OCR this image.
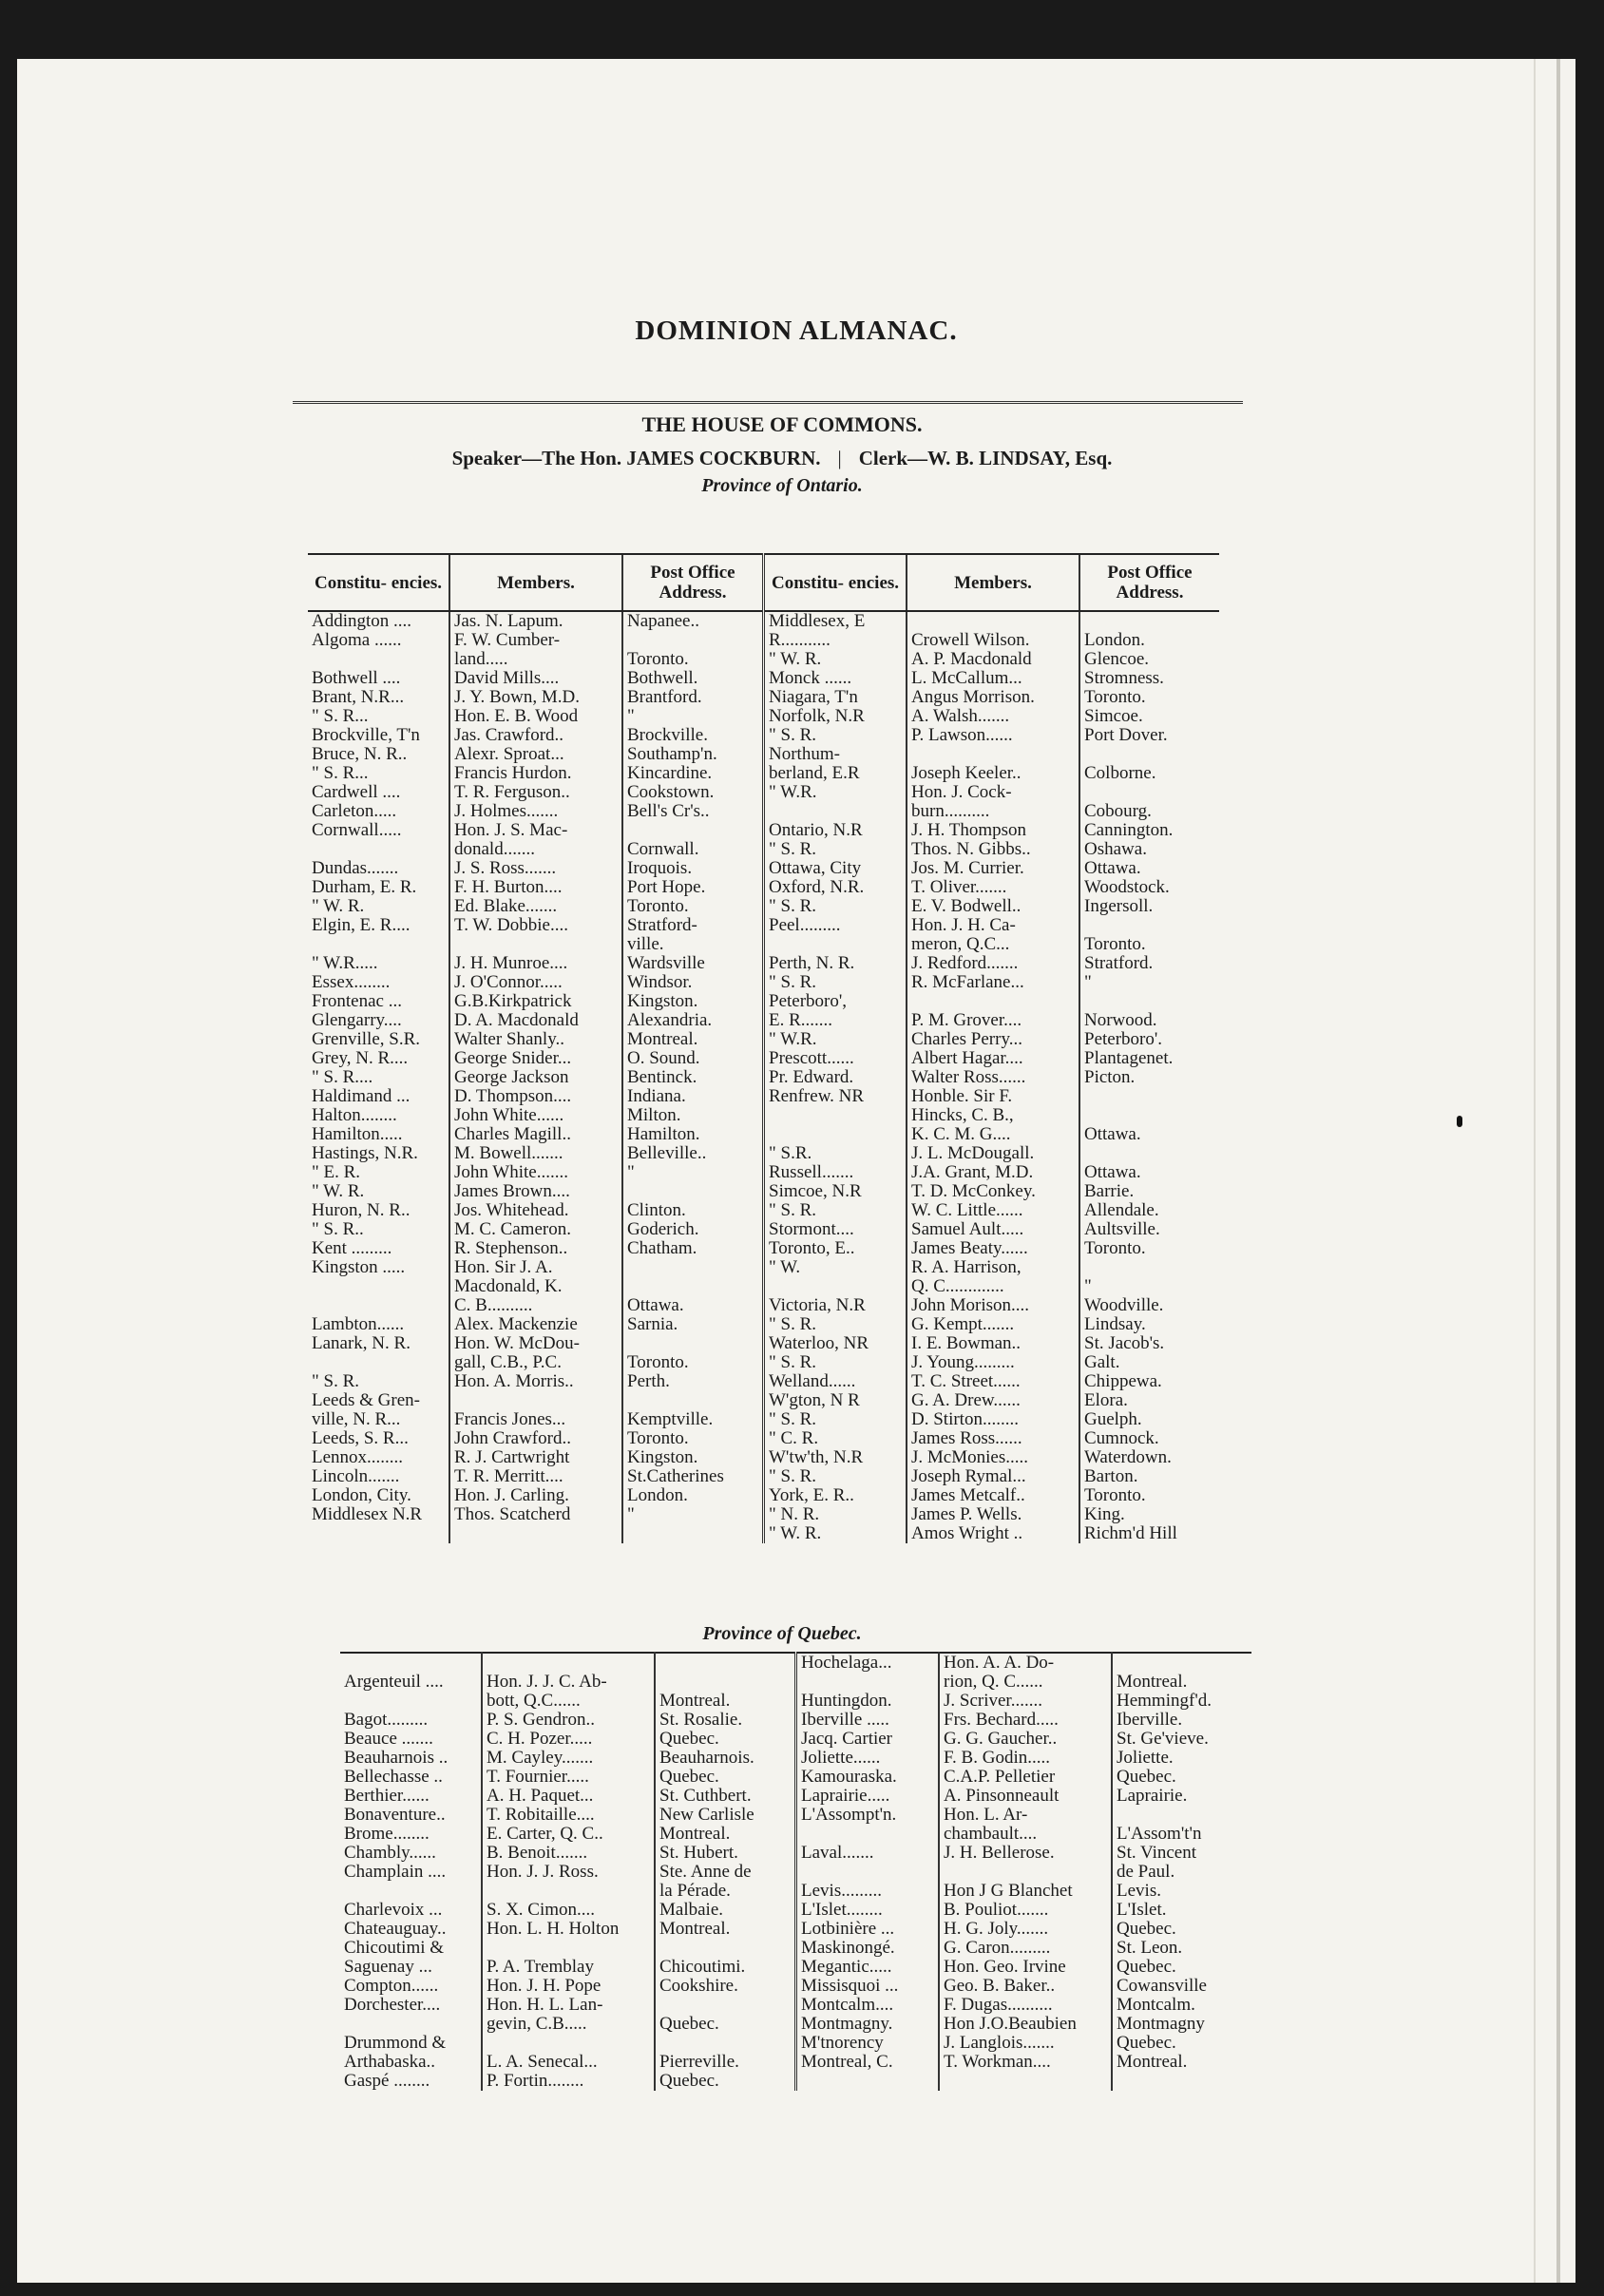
DOMINION ALMANAC.
THE HOUSE OF COMMONS.
Speaker—The Hon. JAMES COCKBURN. | Clerk—W. B. LINDSAY, Esq.
Province of Ontario.
Constitu- encies.	Members.	Post Office Address.	Constitu- encies.	Members.	Post Office Address.
Addington ....	Jas. N. Lapum.	Napanee..	Middlesex, E		
Algoma ......	F. W. Cumber-		R...........	Crowell Wilson.	London.
	land.....	Toronto.	" W. R.	A. P. Macdonald	Glencoe.
Bothwell ....	David Mills....	Bothwell.	Monck ......	L. McCallum...	Stromness.
Brant, N.R...	J. Y. Bown, M.D.	Brantford.	Niagara, T'n	Angus Morrison.	Toronto.
" S. R...	Hon. E. B. Wood	"	Norfolk, N.R	A. Walsh.......	Simcoe.
Brockville, T'n	Jas. Crawford..	Brockville.	" S. R.	P. Lawson......	Port Dover.
Bruce, N. R..	Alexr. Sproat...	Southamp'n.	Northum-		
" S. R...	Francis Hurdon.	Kincardine.	berland, E.R	Joseph Keeler..	Colborne.
Cardwell ....	T. R. Ferguson..	Cookstown.	" W.R.	Hon. J. Cock-	
Carleton.....	J. Holmes.......	Bell's Cr's..		burn..........	Cobourg.
Cornwall.....	Hon. J. S. Mac-		Ontario, N.R	J. H. Thompson	Cannington.
	donald.......	Cornwall.	" S. R.	Thos. N. Gibbs..	Oshawa.
Dundas.......	J. S. Ross.......	Iroquois.	Ottawa, City	Jos. M. Currier.	Ottawa.
Durham, E. R.	F. H. Burton....	Port Hope.	Oxford, N.R.	T. Oliver.......	Woodstock.
" W. R.	Ed. Blake.......	Toronto.	" S. R.	E. V. Bodwell..	Ingersoll.
Elgin, E. R....	T. W. Dobbie....	Stratford-	Peel.........	Hon. J. H. Ca-	
		ville.		meron, Q.C...	Toronto.
" W.R.....	J. H. Munroe....	Wardsville	Perth, N. R.	J. Redford.......	Stratford.
Essex........	J. O'Connor.....	Windsor.	" S. R.	R. McFarlane...	"
Frontenac ...	G.B.Kirkpatrick	Kingston.	Peterboro',		
Glengarry....	D. A. Macdonald	Alexandria.	E. R.......	P. M. Grover....	Norwood.
Grenville, S.R.	Walter Shanly..	Montreal.	" W.R.	Charles Perry...	Peterboro'.
Grey, N. R....	George Snider...	O. Sound.	Prescott......	Albert Hagar....	Plantagenet.
" S. R....	George Jackson	Bentinck.	Pr. Edward.	Walter Ross......	Picton.
Haldimand ...	D. Thompson....	Indiana.	Renfrew. NR	Honble. Sir F.	
Halton........	John White......	Milton.		Hincks, C. B.,	
Hamilton.....	Charles Magill..	Hamilton.		K. C. M. G....	Ottawa.
Hastings, N.R.	M. Bowell.......	Belleville..	" S.R.	J. L. McDougall.	
" E. R.	John White.......	"	Russell.......	J.A. Grant, M.D.	Ottawa.
" W. R.	James Brown....		Simcoe, N.R	T. D. McConkey.	Barrie.
Huron, N. R..	Jos. Whitehead.	Clinton.	" S. R.	W. C. Little......	Allendale.
" S. R..	M. C. Cameron.	Goderich.	Stormont....	Samuel Ault.....	Aultsville.
Kent .........	R. Stephenson..	Chatham.	Toronto, E..	James Beaty......	Toronto.
Kingston .....	Hon. Sir J. A.		" W.	R. A. Harrison,	
	Macdonald, K.			Q. C.............	"
	C. B..........	Ottawa.	Victoria, N.R	John Morison....	Woodville.
Lambton......	Alex. Mackenzie	Sarnia.	" S. R.	G. Kempt.......	Lindsay.
Lanark, N. R.	Hon. W. McDou-		Waterloo, NR	I. E. Bowman..	St. Jacob's.
	gall, C.B., P.C.	Toronto.	" S. R.	J. Young.........	Galt.
" S. R.	Hon. A. Morris..	Perth.	Welland......	T. C. Street......	Chippewa.
Leeds & Gren-			W'gton, N R	G. A. Drew......	Elora.
ville, N. R...	Francis Jones...	Kemptville.	" S. R.	D. Stirton........	Guelph.
Leeds, S. R...	John Crawford..	Toronto.	" C. R.	James Ross......	Cumnock.
Lennox........	R. J. Cartwright	Kingston.	W'tw'th, N.R	J. McMonies.....	Waterdown.
Lincoln.......	T. R. Merritt....	St.Catherines	" S. R.	Joseph Rymal...	Barton.
London, City.	Hon. J. Carling.	London.	York, E. R..	James Metcalf..	Toronto.
Middlesex N.R	Thos. Scatcherd	"	" N. R.	James P. Wells.	King.
			" W. R.	Amos Wright ..	Richm'd Hill
Province of Quebec.
			Hochelaga...	Hon. A. A. Do-	
Argenteuil ....	Hon. J. J. C. Ab-			rion, Q. C......	Montreal.
	bott, Q.C......	Montreal.	Huntingdon.	J. Scriver.......	Hemmingf'd.
Bagot.........	P. S. Gendron..	St. Rosalie.	Iberville .....	Frs. Bechard.....	Iberville.
Beauce .......	C. H. Pozer.....	Quebec.	Jacq. Cartier	G. G. Gaucher..	St. Ge'vieve.
Beauharnois ..	M. Cayley.......	Beauharnois.	Joliette......	F. B. Godin.....	Joliette.
Bellechasse ..	T. Fournier.....	Quebec.	Kamouraska.	C.A.P. Pelletier	Quebec.
Berthier......	A. H. Paquet...	St. Cuthbert.	Laprairie.....	A. Pinsonneault	Laprairie.
Bonaventure..	T. Robitaille....	New Carlisle	L'Assompt'n.	Hon. L. Ar-	
Brome........	E. Carter, Q. C..	Montreal.		chambault....	L'Assom't'n
Chambly......	B. Benoit.......	St. Hubert.	Laval.......	J. H. Bellerose.	St. Vincent
Champlain ....	Hon. J. J. Ross.	Ste. Anne de			de Paul.
		la Pérade.	Levis.........	Hon J G Blanchet	Levis.
Charlevoix ...	S. X. Cimon....	Malbaie.	L'Islet........	B. Pouliot.......	L'Islet.
Chateauguay..	Hon. L. H. Holton	Montreal.	Lotbinière ...	H. G. Joly.......	Quebec.
Chicoutimi &			Maskinongé.	G. Caron.........	St. Leon.
Saguenay ...	P. A. Tremblay	Chicoutimi.	Megantic.....	Hon. Geo. Irvine	Quebec.
Compton......	Hon. J. H. Pope	Cookshire.	Missisquoi ...	Geo. B. Baker..	Cowansville
Dorchester....	Hon. H. L. Lan-		Montcalm....	F. Dugas..........	Montcalm.
	gevin, C.B.....	Quebec.	Montmagny.	Hon J.O.Beaubien	Montmagny
Drummond &			M'tnorency	J. Langlois.......	Quebec.
Arthabaska..	L. A. Senecal...	Pierreville.	Montreal, C.	T. Workman....	Montreal.
Gaspé ........	P. Fortin........	Quebec.			
